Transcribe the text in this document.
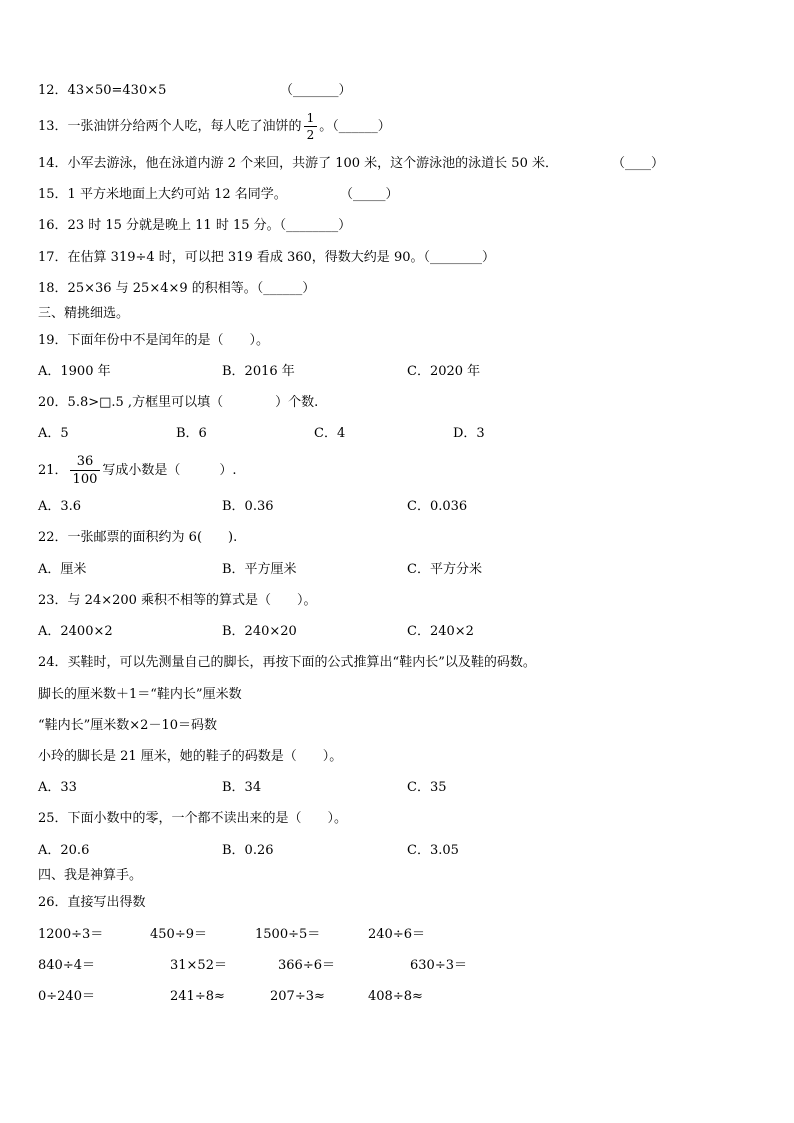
12．43×50=430×5	（_______）
13．一张油饼分给两个人吃，每人吃了油饼的 $\frac{1}{2}$ 。（______）
14．小军去游泳，他在泳道内游 2 个来回，共游了 100 米，这个游泳池的泳道长 50 米．	（____）
15．1 平方米地面上大约可站 12 名同学。	（_____）
16．23 时 15 分就是晚上 11 时 15 分。（________）
17．在估算 319÷4 时，可以把 319 看成 360，得数大约是 90。（________）
18．25×36 与 25×4×9 的积相等。（______）
三、精挑细选。
19．下面年份中不是闰年的是（　　）。
A．1900 年	B．2016 年	C．2020 年
20．5.8>□.5 ,方框里可以填（　　　　）个数.
A．5	B．6	C．4	D．3
21． $\frac{36}{100}$ 写成小数是（　　　）.
A．3.6	B．0.36	C．0.036
22．一张邮票的面积约为 6(　　).
A．厘米	B．平方厘米	C．平方分米
23．与 24×200 乘积不相等的算式是（　　）。
A．2400×2	B．240×20	C．240×2
24．买鞋时，可以先测量自己的脚长，再按下面的公式推算出“鞋内长”以及鞋的码数。
脚长的厘米数＋1＝“鞋内长”厘米数
“鞋内长”厘米数×2－10＝码数
小玲的脚长是 21 厘米，她的鞋子的码数是（　　）。
A．33	B．34	C．35
25．下面小数中的零，一个都不读出来的是（　　）。
A．20.6	B．0.26	C．3.05
四、我是神算手。
26．直接写出得数
1200÷3＝	450÷9＝	1500÷5＝	240÷6＝
840÷4＝	31×52＝	366÷6＝	630÷3＝
0÷240＝	241÷8≈	207÷3≈	408÷8≈
